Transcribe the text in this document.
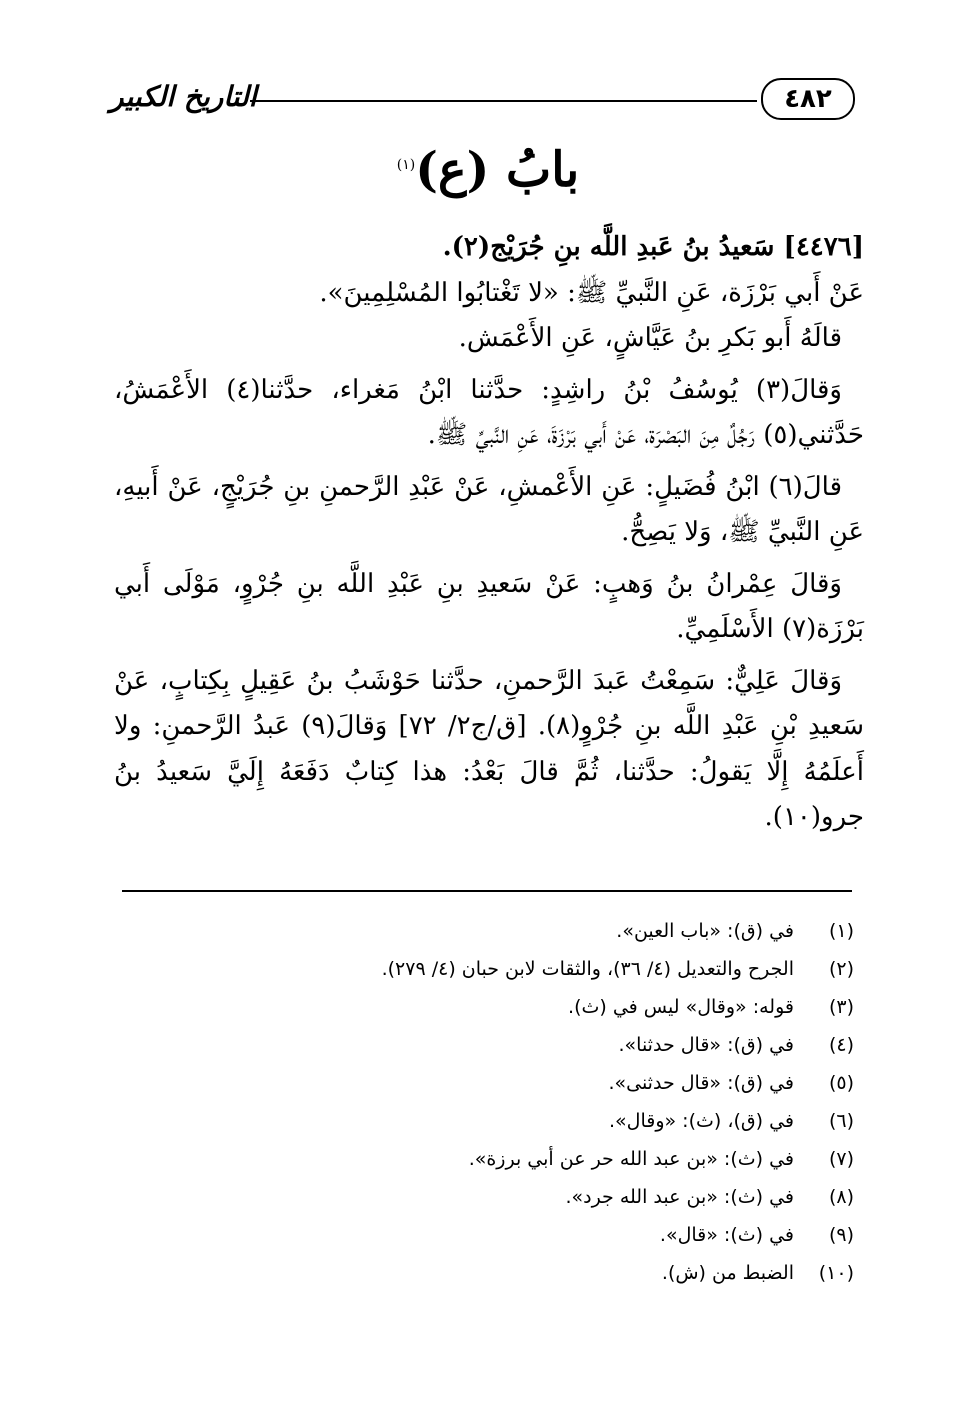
٤٨٢
التاريخ الكبير
بابُ (ع)$^{(١)}$

[٤٤٧٦] سَعيدُ بنُ عَبدِ اللَّه بنِ جُرَيْج(٢).

عَنْ أَبي بَرْزَة، عَنِ النَّبيِّ ﷺ: «لا تَغْتابُوا المُسْلِمِينَ».

قالَهُ أَبو بَكرِ بنُ عَيَّاشٍ، عَنِ الأَعْمَش.

وَقالَ(٣) يُوسُفُ بْنُ راشِدٍ: حدَّثنا ابْنُ مَغراء، حدَّثنا(٤) الأَعْمَشُ، حَدَّثني(٥) رَجُلٌ مِنَ البَصْرَة، عَنْ أَبي بَرْزَةَ، عَنِ النَّبيِّ ﷺ.

قالَ(٦) ابْنُ فُضَيلٍ: عَنِ الأَعْمشِ، عَنْ عَبْدِ الرَّحمنِ بنِ جُرَيْجٍ، عَنْ أَبيهِ، عَنِ النَّبيِّ ﷺ، وَلا يَصِحُّ.

وَقالَ عِمْرانُ بنُ وَهبٍ: عَنْ سَعيدِ بنِ عَبْدِ اللَّه بنِ جُرْوٍ، مَوْلَى أَبي بَرْزَة(٧) الأَسْلَمِيِّ.

وَقالَ عَلِيٌّ: سَمِعْتُ عَبدَ الرَّحمنِ، حدَّثنا حَوْشَبُ بنُ عَقِيلٍ بِكِتابٍ، عَنْ سَعيدِ بْنِ عَبْدِ اللَّه بنِ جُرْوٍ(٨). [ق/ج٢/ ٧٢] وَقالَ(٩) عَبدُ الرَّحمنِ: ولا أَعلَمُهُ إِلَّا يَقولُ: حدَّثنا، ثُمَّ قالَ بَعْدُ: هذا كِتابٌ دَفَعَهُ إِلَيَّ سَعيدُ بنُ جرو(١٠).

(١)في (ق): «باب العين».
(٢)الجرح والتعديل (٤/ ٣٦)، والثقات لابن حبان (٤/ ٢٧٩).
(٣)قوله: «وقال» ليس في (ث).
(٤)في (ق): «قال حدثنا».
(٥)في (ق): «قال حدثنى».
(٦)في (ق)، (ث): «وقال».
(٧)في (ث): «بن عبد الله حر عن أبي برزة».
(٨)في (ث): «بن عبد الله جرد».
(٩)في (ث): «قال».
(١٠)الضبط من (ش).
